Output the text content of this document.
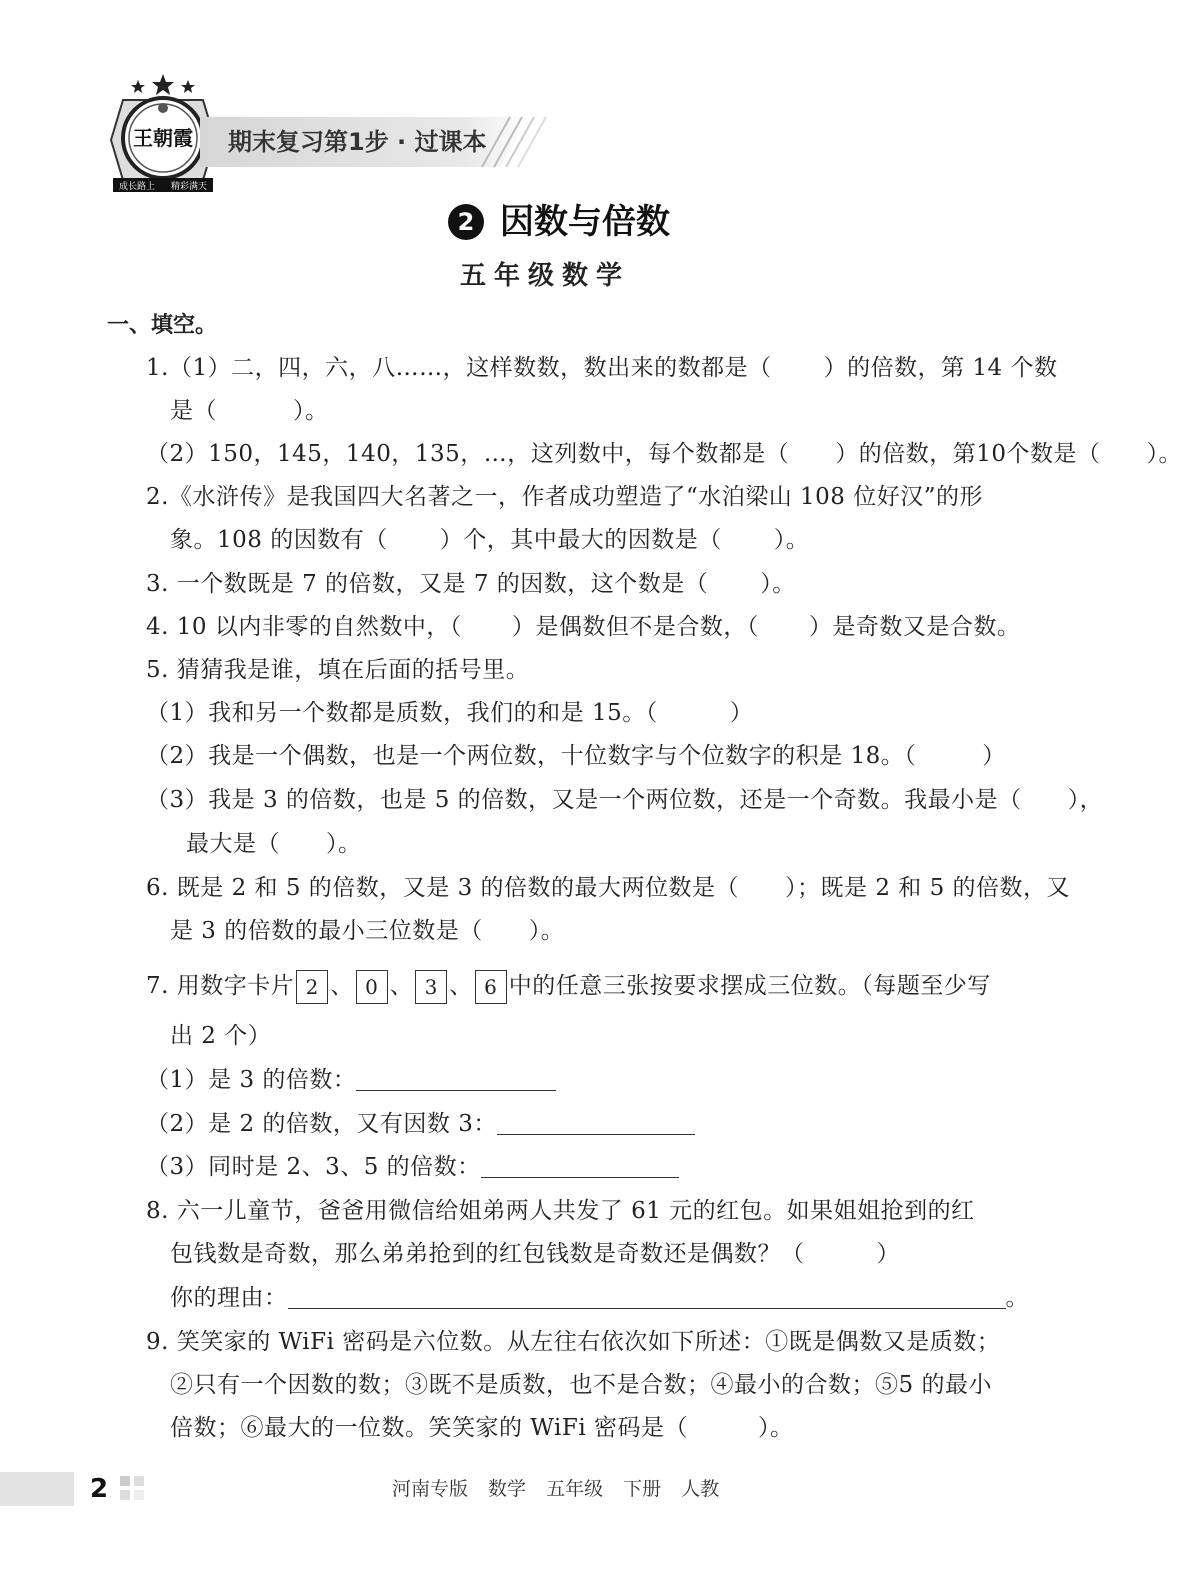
王朝霞
成长路上 精彩满天
期末复习第1步 · 过课本
2 因数与倍数
五年级数学
一、填空。
1.（1）二，四，六，八……，这样数数，数出来的数都是（ ）的倍数，第 14 个数
是（	）。
（2）150，145，140，135，…，这列数中，每个数都是（ ）的倍数，第10个数是（ ）。
2.《水浒传》是我国四大名著之一，作者成功塑造了“水泊梁山 108 位好汉”的形
象。108 的因数有（ ）个，其中最大的因数是（ ）。
3. 一个数既是 7 的倍数，又是 7 的因数，这个数是（ ）。
4. 10 以内非零的自然数中，（ ）是偶数但不是合数，（ ）是奇数又是合数。
5. 猜猜我是谁，填在后面的括号里。
（1）我和另一个数都是质数，我们的和是 15。（	）
（2）我是一个偶数，也是一个两位数，十位数字与个位数字的积是 18。（	）
（3）我是 3 的倍数，也是 5 的倍数，又是一个两位数，还是一个奇数。我最小是（ ），
最大是（ ）。
6. 既是 2 和 5 的倍数，又是 3 的倍数的最大两位数是（ ）；既是 2 和 5 的倍数，又
是 3 的倍数的最小三位数是（ ）。
7. 用数字卡片 2 、 0 、 3 、 6 中的任意三张按要求摆成三位数。（每题至少写
出 2 个）
（1）是 3 的倍数：
（2）是 2 的倍数，又有因数 3：
（3）同时是 2、3、5 的倍数：
8. 六一儿童节，爸爸用微信给姐弟两人共发了 61 元的红包。如果姐姐抢到的红
包钱数是奇数，那么弟弟抢到的红包钱数是奇数还是偶数？（	）
你的理由：	。
9. 笑笑家的 WiFi 密码是六位数。从左往右依次如下所述：①既是偶数又是质数；
②只有一个因数的数；③既不是质数，也不是合数；④最小的合数；⑤5 的最小
倍数；⑥最大的一位数。笑笑家的 WiFi 密码是（	）。
2	河南专版 数学 五年级 下册 人教
